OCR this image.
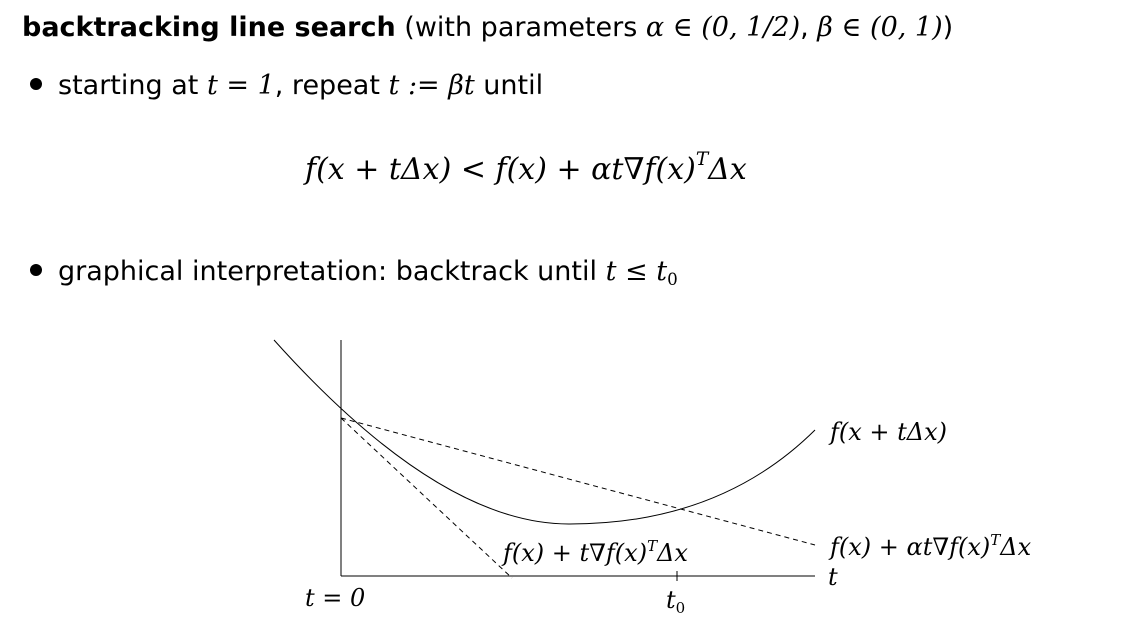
backtracking line search (with parameters α ∈ (0, 1/2), β ∈ (0, 1))
starting at t = 1, repeat t := βt until
$f(x + t\Delta x) < f(x) + \alpha t\nabla f(x)^T\Delta x$
graphical interpretation: backtrack until $t \le t_0$
f(x + tΔx)
$f(x) + t\nabla f(x)^T\Delta x$	$f(x) + \alpha t\nabla f(x)^T\Delta x$
t
$t_0$
t = 0
